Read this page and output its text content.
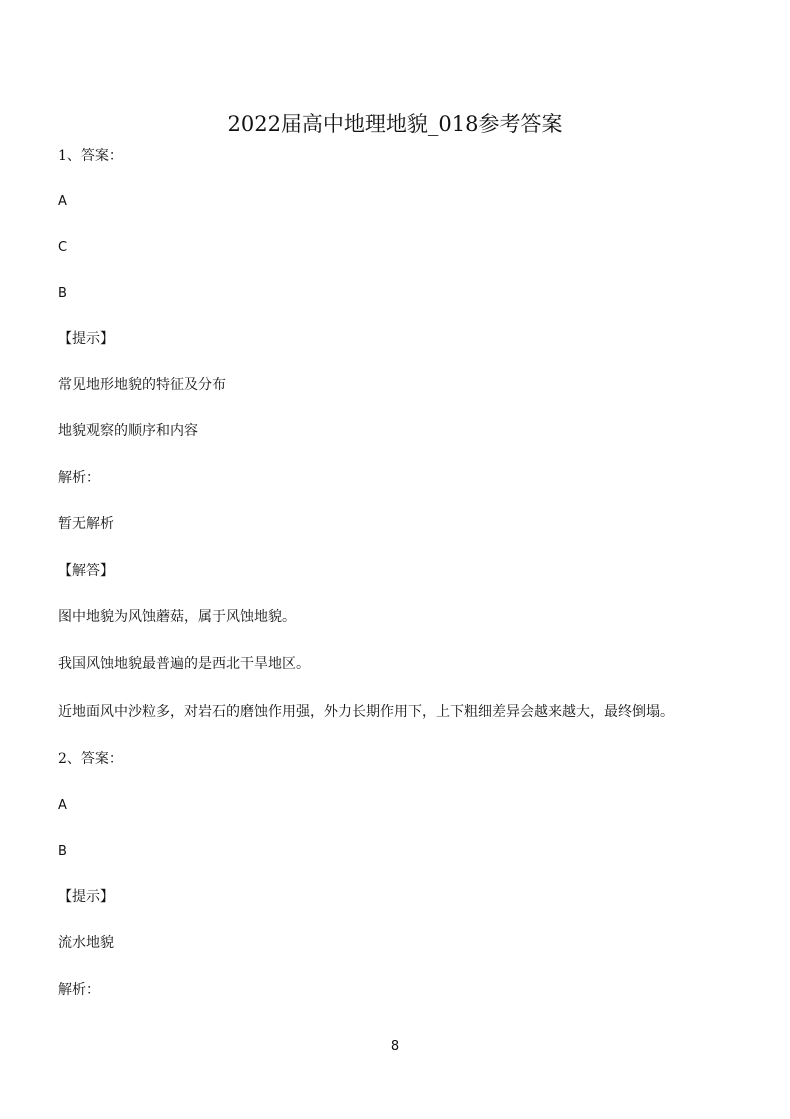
2022届高中地理地貌_018参考答案
1、答案：
A
C
B
【提示】
常见地形地貌的特征及分布
地貌观察的顺序和内容
解析：
暂无解析
【解答】
图中地貌为风蚀蘑菇，属于风蚀地貌。
我国风蚀地貌最普遍的是西北干旱地区。
近地面风中沙粒多，对岩石的磨蚀作用强，外力长期作用下，上下粗细差异会越来越大，最终倒塌。
2、答案：
A
B
【提示】
流水地貌
解析：
8
